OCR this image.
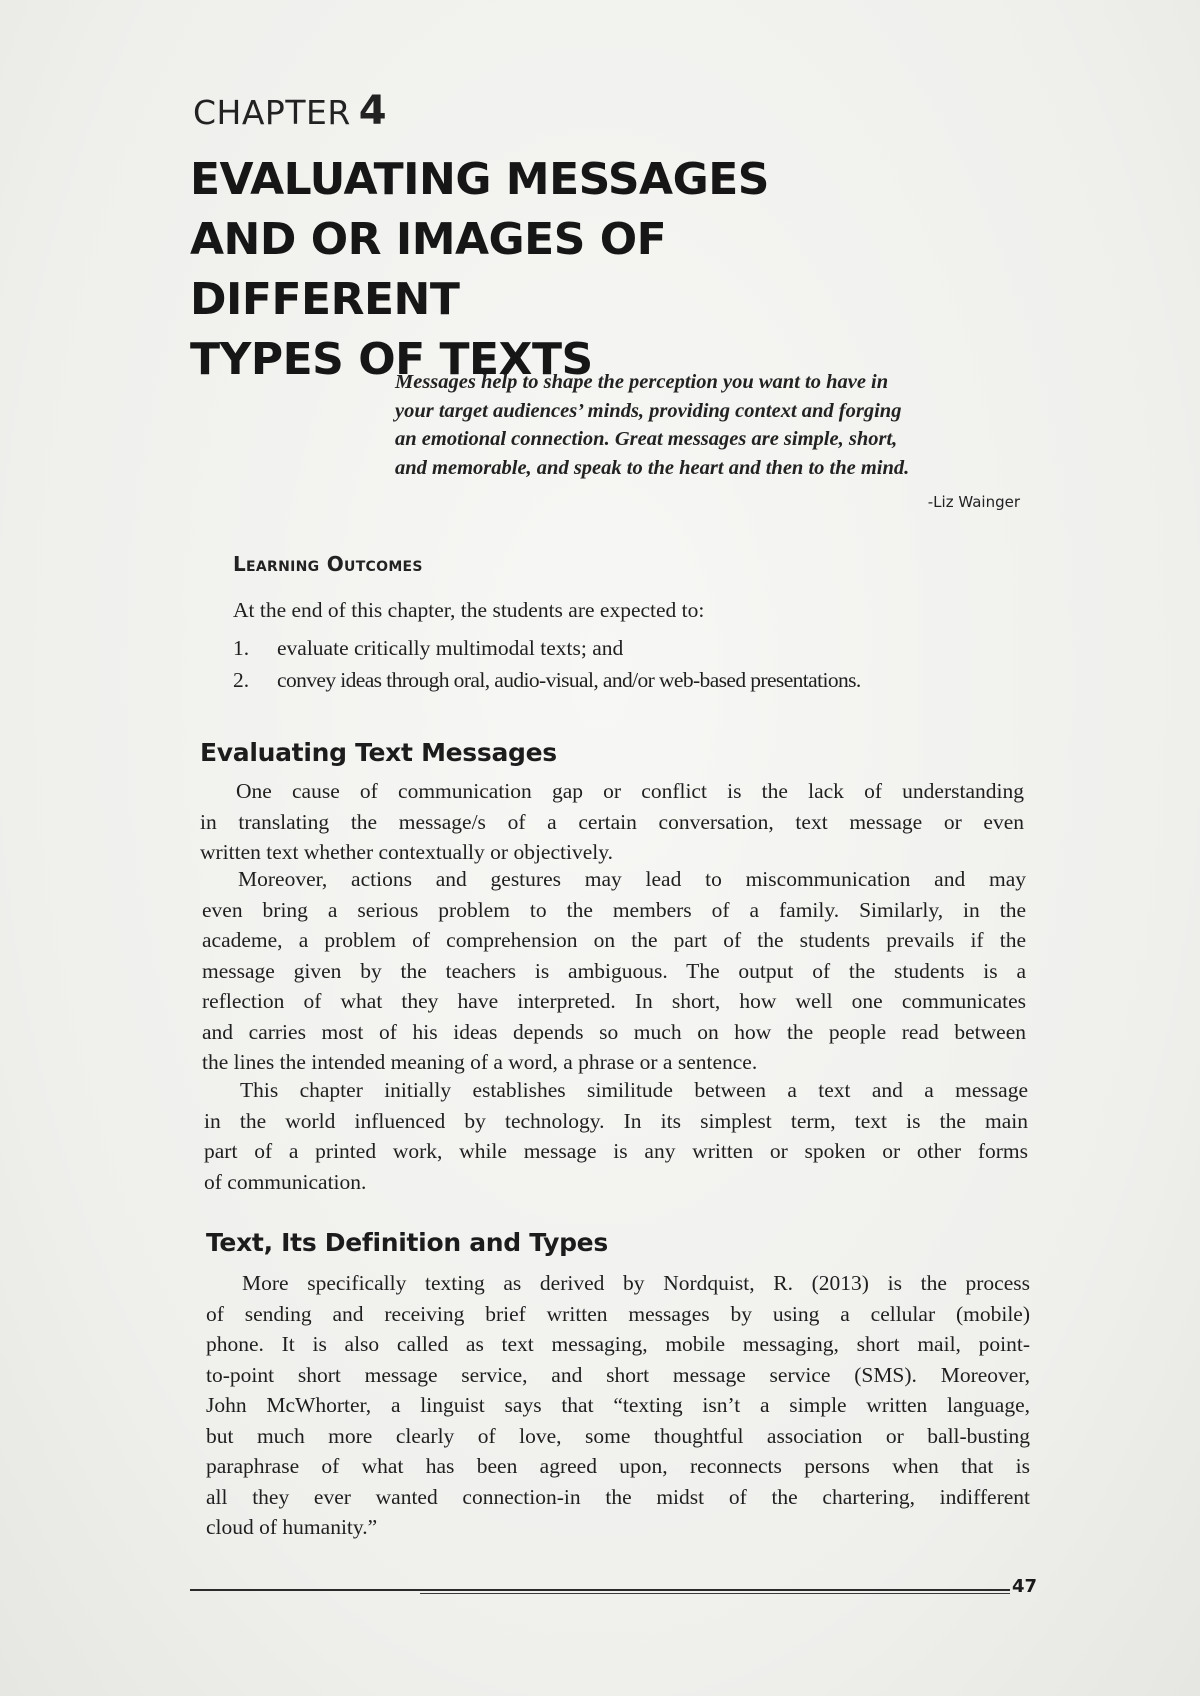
CHAPTER 4
EVALUATING MESSAGES
AND OR IMAGES OF DIFFERENT
TYPES OF TEXTS

Messages help to shape the perception you want to have in
your target audiences’ minds, providing context and forging
an emotional connection. Great messages are simple, short,
and memorable, and speak to the heart and then to the mind.

-Liz Wainger
Learning Outcomes
At the end of this chapter, the students are expected to:
1. evaluate critically multimodal texts; and
2. convey ideas through oral, audio-visual, and/or web-based presentations.
Evaluating Text Messages

One cause of communication gap or conflict is the lack of understanding
in translating the message/s of a certain conversation, text message or even
written text whether contextually or objectively.

Moreover, actions and gestures may lead to miscommunication and may
even bring a serious problem to the members of a family. Similarly, in the
academe, a problem of comprehension on the part of the students prevails if the
message given by the teachers is ambiguous. The output of the students is a
reflection of what they have interpreted. In short, how well one communicates
and carries most of his ideas depends so much on how the people read between
the lines the intended meaning of a word, a phrase or a sentence.

This chapter initially establishes similitude between a text and a message
in the world influenced by technology. In its simplest term, text is the main
part of a printed work, while message is any written or spoken or other forms
of communication.

Text, Its Definition and Types

More specifically texting as derived by Nordquist, R. (2013) is the process
of sending and receiving brief written messages by using a cellular (mobile)
phone. It is also called as text messaging, mobile messaging, short mail, point-
to-point short message service, and short message service (SMS). Moreover,
John McWhorter, a linguist says that “texting isn’t a simple written language,
but much more clearly of love, some thoughtful association or ball-busting
paraphrase of what has been agreed upon, reconnects persons when that is
all they ever wanted connection-in the midst of the chartering, indifferent
cloud of humanity.”

47
